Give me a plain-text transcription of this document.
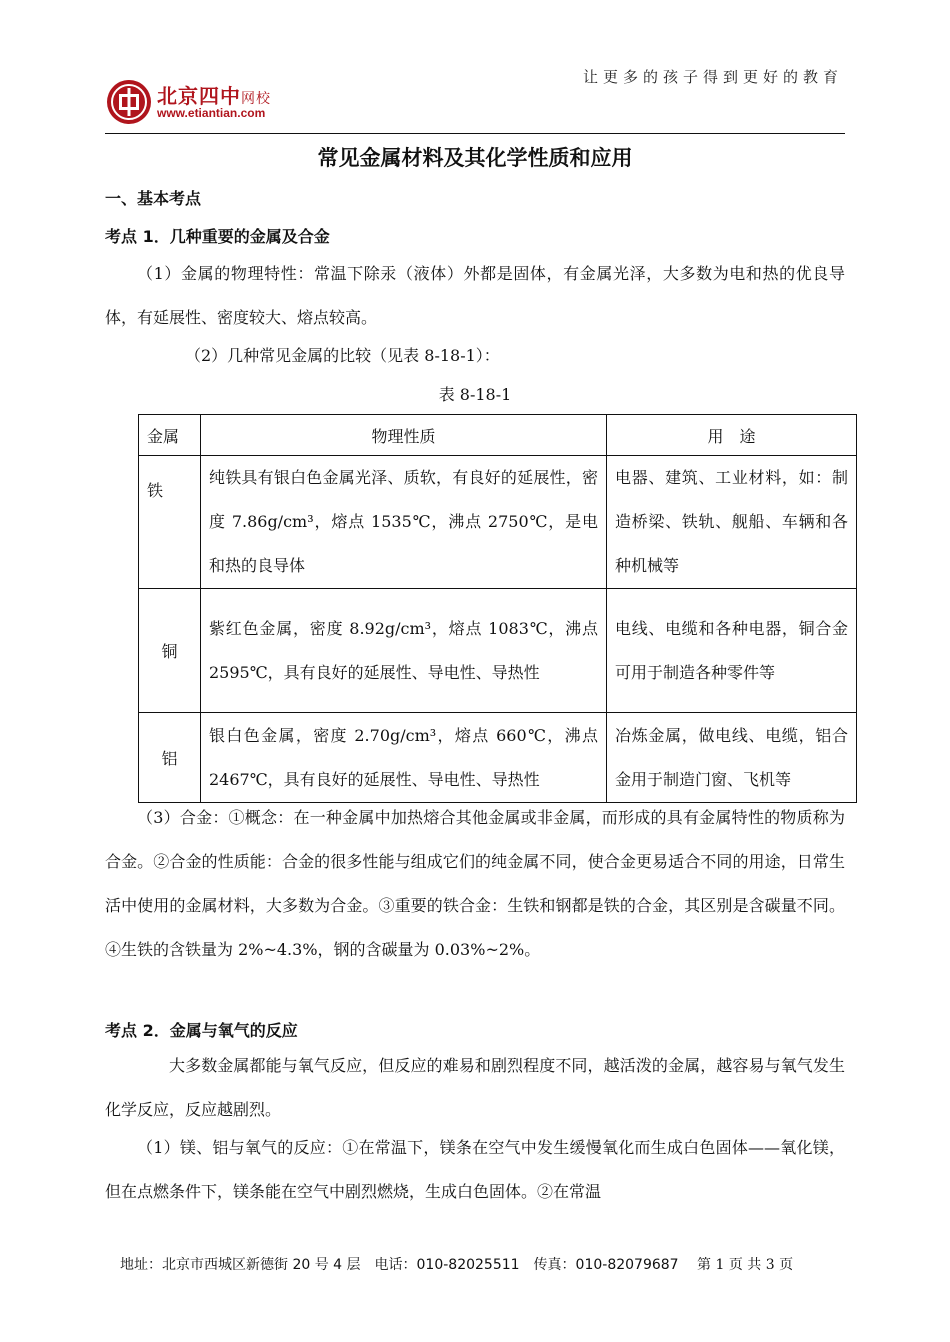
北京四中网校
www.etiantian.com
让更多的孩子得到更好的教育
常见金属材料及其化学性质和应用
一、基本考点
考点 1．几种重要的金属及合金
（1）金属的物理特性：常温下除汞（液体）外都是固体，有金属光泽，大多数为电和热的优良导体，有延展性、密度较大、熔点较高。
（2）几种常见金属的比较（见表 8-18-1）：
表 8-18-1
金属	物理性质	用　途
铁	纯铁具有银白色金属光泽、质软，有良好的延展性，密度 7.86g/cm³，熔点 1535℃，沸点 2750℃，是电和热的良导体	电器、建筑、工业材料，如：制造桥梁、铁轨、舰船、车辆和各种机械等

铜	紫红色金属，密度 8.92g/cm³，熔点 1083℃，沸点 2595℃，具有良好的延展性、导电性、导热性	电线、电缆和各种电器，铜合金可用于制造各种零件等

铝	银白色金属，密度 2.70g/cm³，熔点 660℃，沸点 2467℃，具有良好的延展性、导电性、导热性	冶炼金属，做电线、电缆，铝合金用于制造门窗、飞机等
（3）合金：①概念：在一种金属中加热熔合其他金属或非金属，而形成的具有金属特性的物质称为合金。②合金的性质能：合金的很多性能与组成它们的纯金属不同，使合金更易适合不同的用途，日常生活中使用的金属材料，大多数为合金。③重要的铁合金：生铁和钢都是铁的合金，其区别是含碳量不同。④生铁的含铁量为 2%~4.3%，钢的含碳量为 0.03%~2%。
考点 2．金属与氧气的反应
大多数金属都能与氧气反应，但反应的难易和剧烈程度不同，越活泼的金属，越容易与氧气发生化学反应，反应越剧烈。
（1）镁、铝与氧气的反应：①在常温下，镁条在空气中发生缓慢氧化而生成白色固体——氧化镁，但在点燃条件下，镁条能在空气中剧烈燃烧，生成白色固体。②在常温
地址：北京市西城区新德街 20 号 4 层　电话：010-82025511　传真：010-82079687 第 1 页 共 3 页
